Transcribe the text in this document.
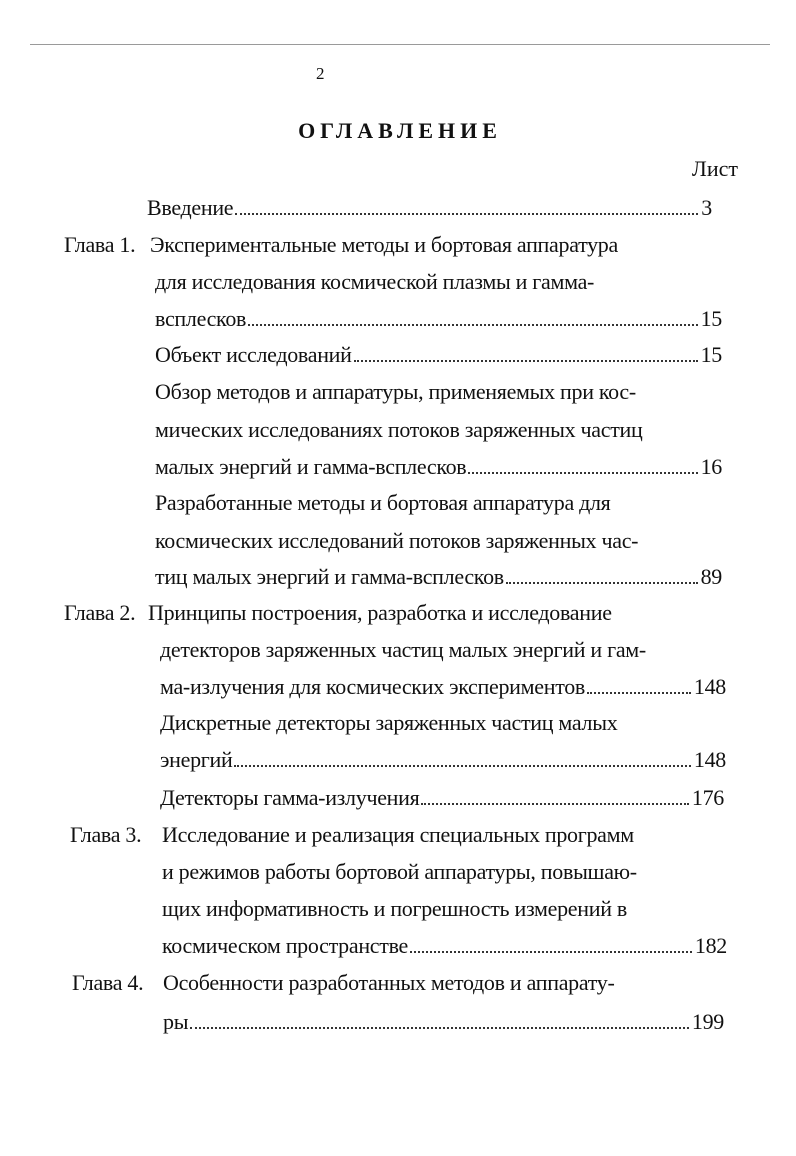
2
ОГЛАВЛЕНИЕ
Лист
Введение	3
Глава 1. Экспериментальные методы и бортовая аппаратура
для исследования космической плазмы и гамма-
всплесков	15
Объект исследований	15
Обзор методов и аппаратуры, применяемых при кос-
мических исследованиях потоков заряженных частиц
малых энергий и гамма-всплесков	16
Разработанные методы и бортовая аппаратура для
космических исследований потоков заряженных час-
тиц малых энергий и гамма-всплесков	89
Глава 2. Принципы построения, разработка и исследование
детекторов заряженных частиц малых энергий и гам-
ма-излучения для космических экспериментов	148
Дискретные детекторы заряженных частиц малых
энергий	148
Детекторы гамма-излучения	176
Глава 3. Исследование и реализация специальных программ
и режимов работы бортовой аппаратуры, повышаю-
щих информативность и погрешность измерений в
космическом пространстве	182
Глава 4. Особенности разработанных методов и аппарату-
ры	199
